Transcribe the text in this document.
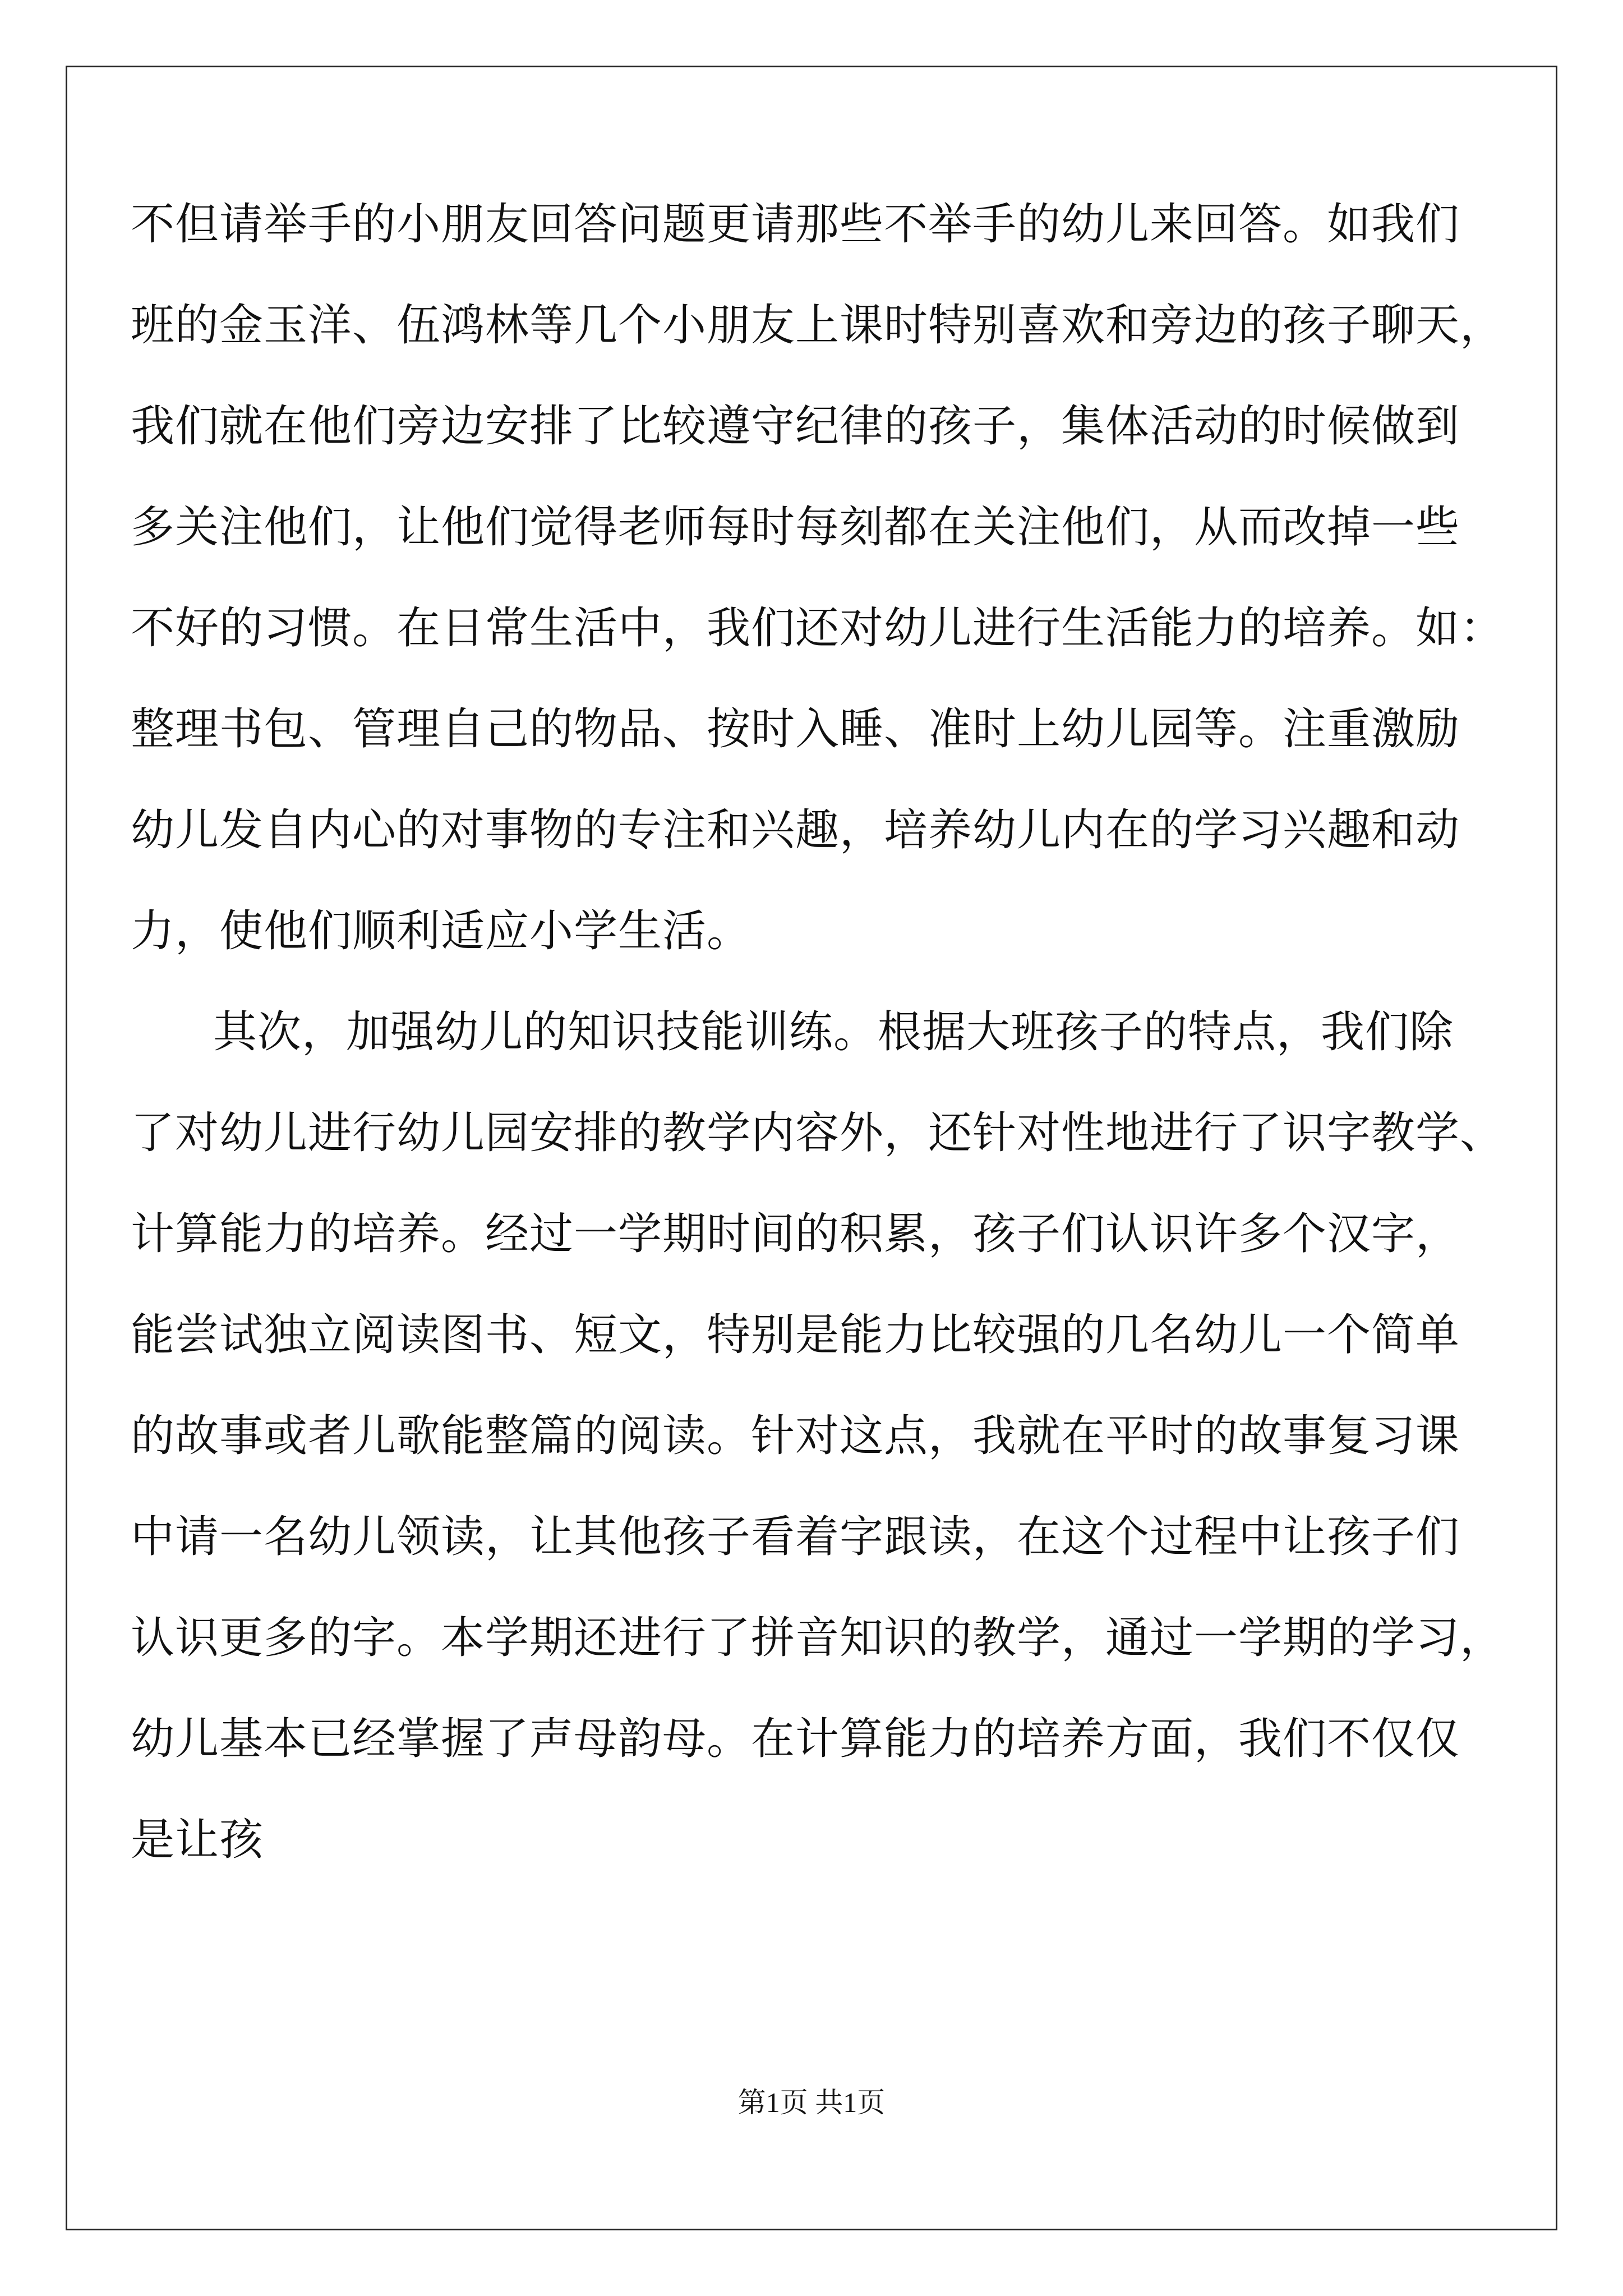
不但请举手的小朋友回答问题更请那些不举手的幼儿来回答。如我们
班的金玉洋、伍鸿林等几个小朋友上课时特别喜欢和旁边的孩子聊天，
我们就在他们旁边安排了比较遵守纪律的孩子，集体活动的时候做到
多关注他们，让他们觉得老师每时每刻都在关注他们，从而改掉一些
不好的习惯。在日常生活中，我们还对幼儿进行生活能力的培养。如：
整理书包、管理自己的物品、按时入睡、准时上幼儿园等。注重激励
幼儿发自内心的对事物的专注和兴趣，培养幼儿内在的学习兴趣和动
力，使他们顺利适应小学生活。
其次，加强幼儿的知识技能训练。根据大班孩子的特点，我们除
了对幼儿进行幼儿园安排的教学内容外，还针对性地进行了识字教学、
计算能力的培养。经过一学期时间的积累，孩子们认识许多个汉字，
能尝试独立阅读图书、短文，特别是能力比较强的几名幼儿一个简单
的故事或者儿歌能整篇的阅读。针对这点，我就在平时的故事复习课
中请一名幼儿领读，让其他孩子看着字跟读，在这个过程中让孩子们
认识更多的字。本学期还进行了拼音知识的教学，通过一学期的学习，
幼儿基本已经掌握了声母韵母。在计算能力的培养方面，我们不仅仅
是让孩
第1页 共1页
